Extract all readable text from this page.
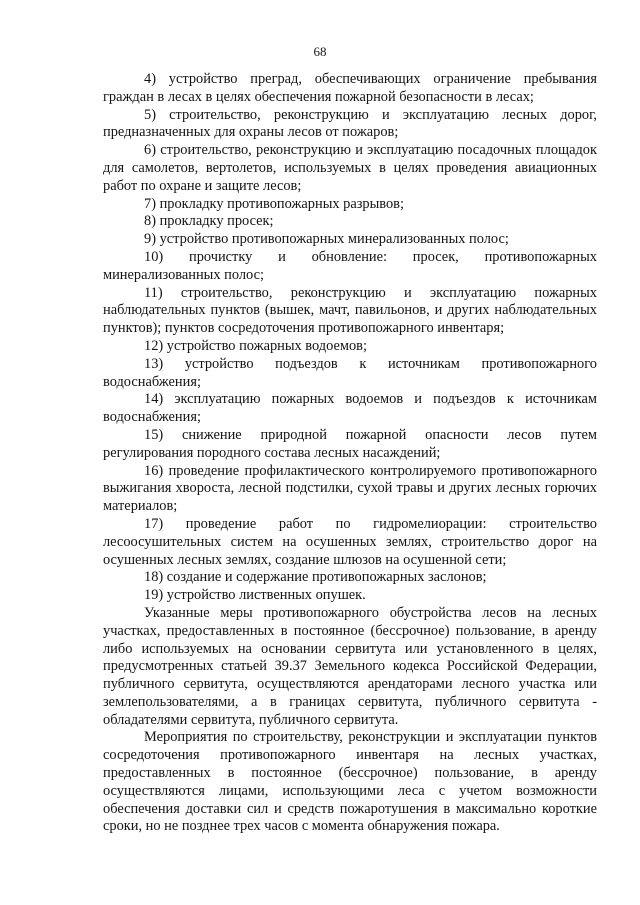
68

4) устройство преград, обеспечивающих ограничение пребывания граждан в лесах в целях обеспечения пожарной безопасности в лесах;

5) строительство, реконструкцию и эксплуатацию лесных дорог, предназначенных для охраны лесов от пожаров;

6) строительство, реконструкцию и эксплуатацию посадочных площадок для самолетов, вертолетов, используемых в целях проведения авиационных работ по охране и защите лесов;

7) прокладку противопожарных разрывов;

8) прокладку просек;

9) устройство противопожарных минерализованных полос;

10) прочистку и обновление: просек, противопожарных минерализованных полос;

11) строительство, реконструкцию и эксплуатацию пожарных наблюдательных пунктов (вышек, мачт, павильонов, и других наблюдательных пунктов); пунктов сосредоточения противопожарного инвентаря;

12) устройство пожарных водоемов;

13) устройство подъездов к источникам противопожарного водоснабжения;

14) эксплуатацию пожарных водоемов и подъездов к источникам водоснабжения;

15) снижение природной пожарной опасности лесов путем регулирования породного состава лесных насаждений;

16) проведение профилактического контролируемого противопожарного выжигания хвороста, лесной подстилки, сухой травы и других лесных горючих материалов;

17) проведение работ по гидромелиорации: строительство лесоосушительных систем на осушенных землях, строительство дорог на осушенных лесных землях, создание шлюзов на осушенной сети;

18) создание и содержание противопожарных заслонов;

19) устройство лиственных опушек.

Указанные меры противопожарного обустройства лесов на лесных участках, предоставленных в постоянное (бессрочное) пользование, в аренду либо используемых на основании сервитута или установленного в целях, предусмотренных статьей 39.37 Земельного кодекса Российской Федерации, публичного сервитута, осуществляются арендаторами лесного участка или землепользователями, а в границах сервитута, публичного сервитута - обладателями сервитута, публичного сервитута.

Мероприятия по строительству, реконструкции и эксплуатации пунктов сосредоточения противопожарного инвентаря на лесных участках, предоставленных в постоянное (бессрочное) пользование, в аренду осуществляются лицами, использующими леса с учетом возможности обеспечения доставки сил и средств пожаротушения в максимально короткие сроки, но не позднее трех часов с момента обнаружения пожара.
